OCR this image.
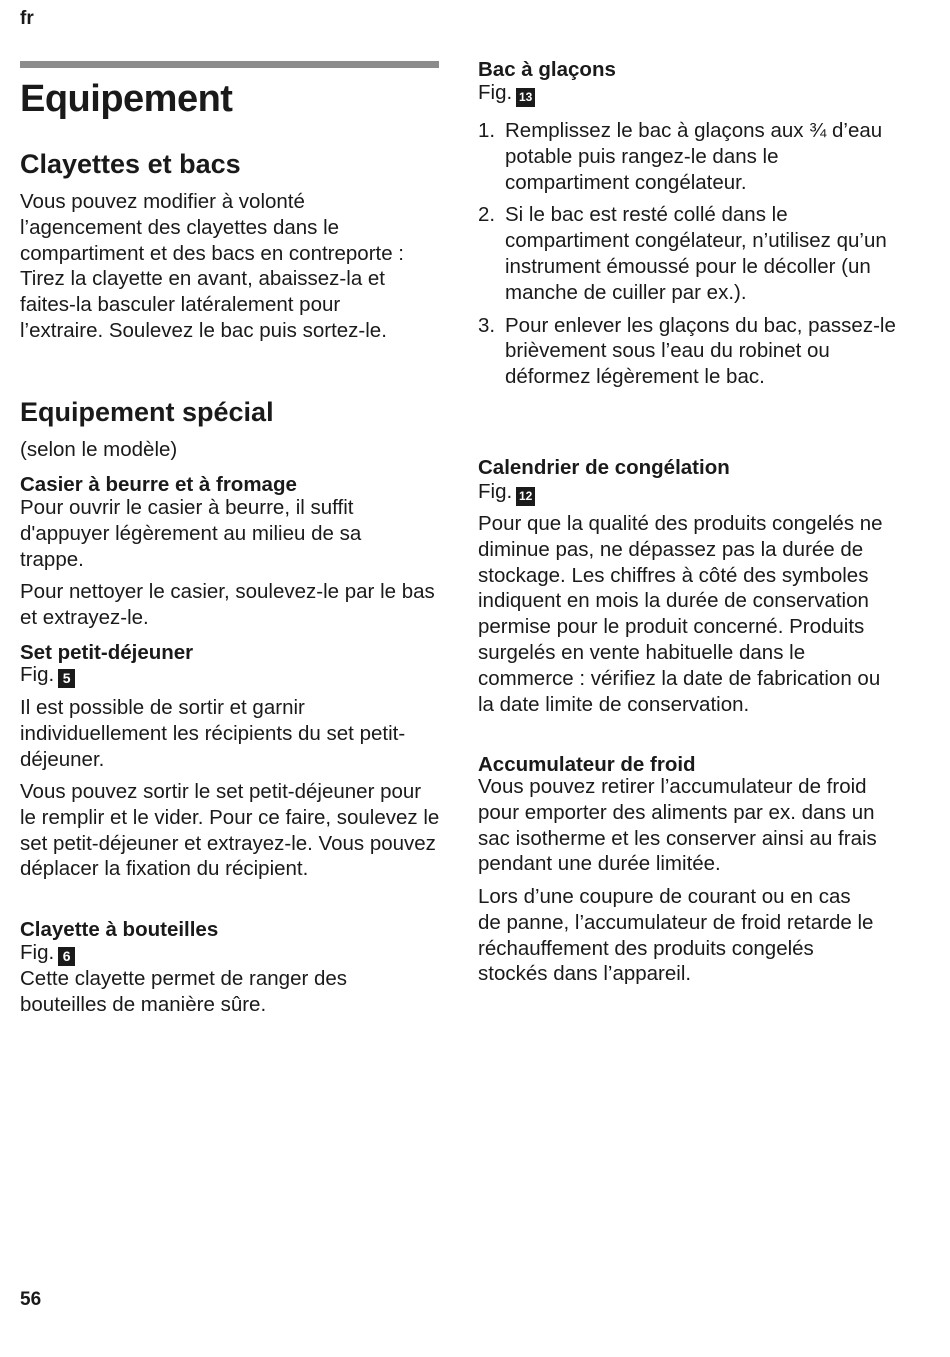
fr
Equipement
Clayettes et bacs

Vous pouvez modifier à volonté l’agencement des clayettes dans le compartiment et des bacs en contreporte : Tirez la clayette en avant, abaissez-la et faites-la basculer latéralement pour l’extraire. Soulevez le bac puis sortez-le.

Equipement spécial

(selon le modèle)

Casier à beurre et à fromage

Pour ouvrir le casier à beurre, il suffit d'appuyer légèrement au milieu de sa trappe.

Pour nettoyer le casier, soulevez-le par le bas et extrayez-le.

Set petit-déjeuner

Fig. 5

Il est possible de sortir et garnir individuellement les récipients du set petit-déjeuner.

Vous pouvez sortir le set petit-déjeuner pour le remplir et le vider. Pour ce faire, soulevez le set petit-déjeuner et extrayez-le. Vous pouvez déplacer la fixation du récipient.

Clayette à bouteilles

Fig. 6

Cette clayette permet de ranger des bouteilles de manière sûre.

Bac à glaçons

Fig. 13

1. Remplissez le bac à glaçons aux ¾ d’eau potable puis rangez-le dans le compartiment congélateur.
2. Si le bac est resté collé dans le compartiment congélateur, n’utilisez qu’un instrument émoussé pour le décoller (un manche de cuiller par ex.).
3. Pour enlever les glaçons du bac, passez-le brièvement sous l’eau du robinet ou déformez légèrement le bac.
Calendrier de congélation

Fig. 12

Pour que la qualité des produits congelés ne diminue pas, ne dépassez pas la durée de stockage. Les chiffres à côté des symboles indiquent en mois la durée de conservation permise pour le produit concerné. Produits surgelés en vente habituelle dans le commerce : vérifiez la date de fabrication ou la date limite de conservation.

Accumulateur de froid

Vous pouvez retirer l’accumulateur de froid pour emporter des aliments par ex. dans un sac isotherme et les conserver ainsi au frais pendant une durée limitée.

Lors d’une coupure de courant ou en cas de panne, l’accumulateur de froid retarde le réchauffement des produits congelés stockés dans l’appareil.

56
